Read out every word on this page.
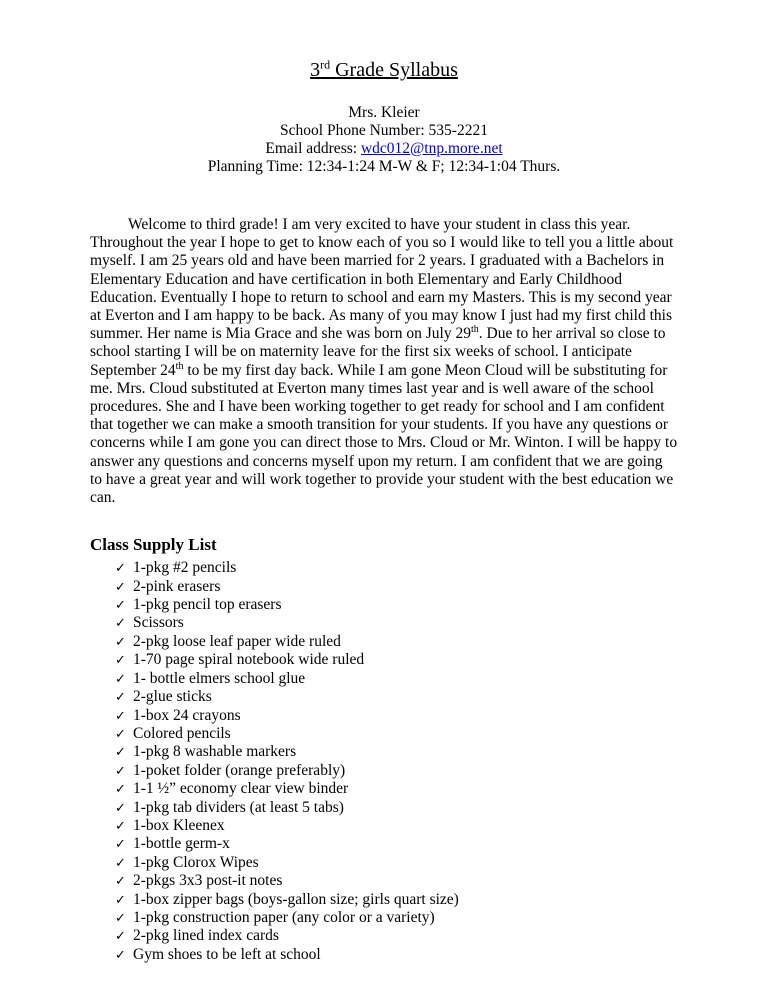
3rd Grade Syllabus

Mrs. Kleier

School Phone Number: 535-2221

Email address: wdc012@tnp.more.net

Planning Time: 12:34-1:24 M-W & F; 12:34-1:04 Thurs.

Welcome to third grade! I am very excited to have your student in class this year. Throughout the year I hope to get to know each of you so I would like to tell you a little about myself. I am 25 years old and have been married for 2 years. I graduated with a Bachelors in Elementary Education and have certification in both Elementary and Early Childhood Education. Eventually I hope to return to school and earn my Masters. This is my second year at Everton and I am happy to be back. As many of you may know I just had my first child this summer. Her name is Mia Grace and she was born on July 29th. Due to her arrival so close to school starting I will be on maternity leave for the first six weeks of school. I anticipate September 24th to be my first day back. While I am gone Meon Cloud will be substituting for me. Mrs. Cloud substituted at Everton many times last year and is well aware of the school procedures. She and I have been working together to get ready for school and I am confident that together we can make a smooth transition for your students. If you have any questions or concerns while I am gone you can direct those to Mrs. Cloud or Mr. Winton. I will be happy to answer any questions and concerns myself upon my return. I am confident that we are going to have a great year and will work together to provide your student with the best education we can.

Class Supply List
✓ 1-pkg #2 pencils
✓ 2-pink erasers
✓ 1-pkg pencil top erasers
✓ Scissors
✓ 2-pkg loose leaf paper wide ruled
✓ 1-70 page spiral notebook wide ruled
✓ 1- bottle elmers school glue
✓ 2-glue sticks
✓ 1-box 24 crayons
✓ Colored pencils
✓ 1-pkg 8 washable markers
✓ 1-poket folder (orange preferably)
✓ 1-1 ½” economy clear view binder
✓ 1-pkg tab dividers (at least 5 tabs)
✓ 1-box Kleenex
✓ 1-bottle germ-x
✓ 1-pkg Clorox Wipes
✓ 2-pkgs 3x3 post-it notes
✓ 1-box zipper bags (boys-gallon size; girls quart size)
✓ 1-pkg construction paper (any color or a variety)
✓ 2-pkg lined index cards
✓ Gym shoes to be left at school
